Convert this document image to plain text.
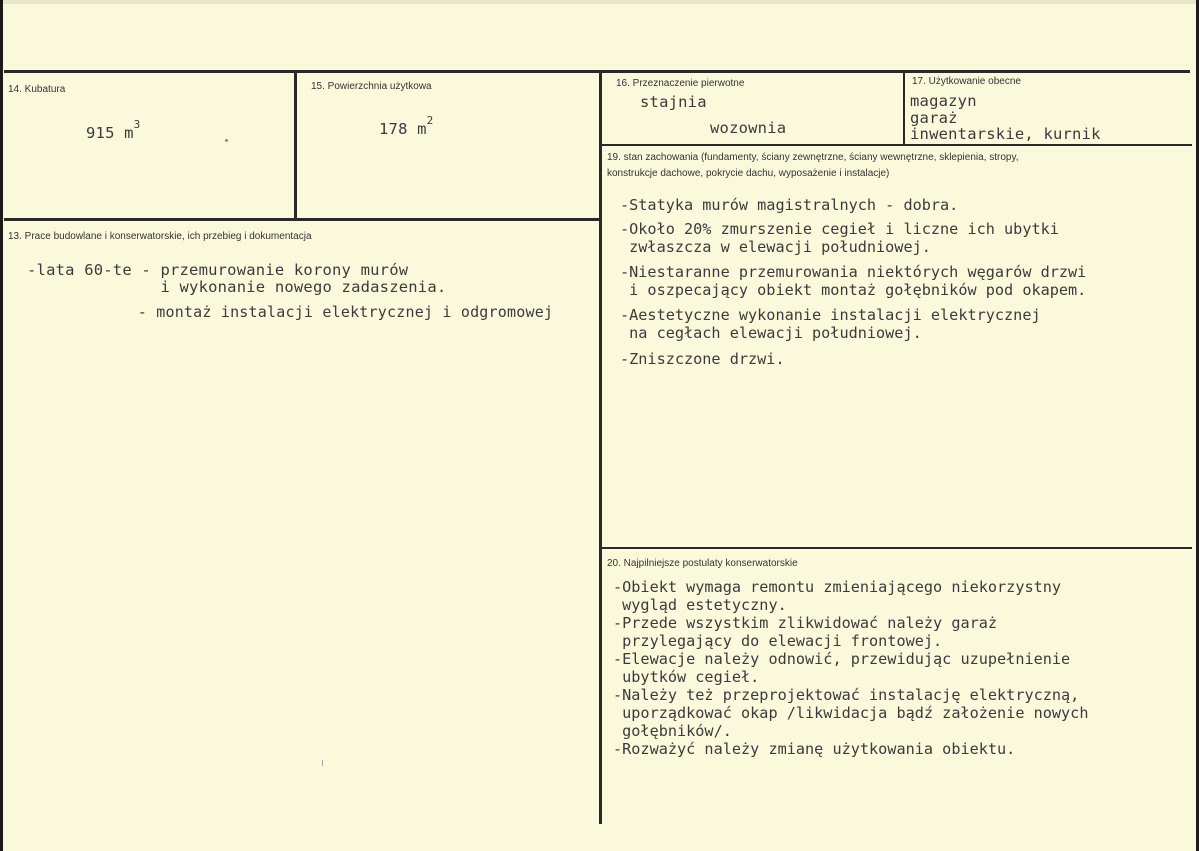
14. Kubatura
915 $m^3$
15. Powierzchnia użytkowa
178 $m^2$
16. Przeznaczenie pierwotne
stajnia
wozownia
17. Użytkowanie obecne
magazyn
garaż
inwentarskie, kurnik
13. Prace budowlane i konserwatorskie, ich przebieg i dokumentacja
-lata 60-te - przemurowanie korony murów
i wykonanie nowego zadaszenia.
- montaż instalacji elektrycznej i odgromowej
19. stan zachowania (fundamenty, ściany zewnętrzne, ściany wewnętrzne, sklepienia, stropy,
konstrukcje dachowe, pokrycie dachu, wyposażenie i instalacje)
-Statyka murów magistralnych - dobra.
-Około 20% zmurszenie cegieł i liczne ich ubytki
zwłaszcza w elewacji południowej.
-Niestaranne przemurowania niektórych węgarów drzwi
i oszpecający obiekt montaż gołębników pod okapem.
-Aestetyczne wykonanie instalacji elektrycznej
na cegłach elewacji południowej.
-Zniszczone drzwi.
20. Najpilniejsze postulaty konserwatorskie
-Obiekt wymaga remontu zmieniającego niekorzystny
wygląd estetyczny.
-Przede wszystkim zlikwidować należy garaż
przylegający do elewacji frontowej.
-Elewacje należy odnowić, przewidując uzupełnienie
ubytków cegieł.
-Należy też przeprojektować instalację elektryczną,
uporządkować okap /likwidacja bądź założenie nowych
gołębników/.
-Rozważyć należy zmianę użytkowania obiektu.
